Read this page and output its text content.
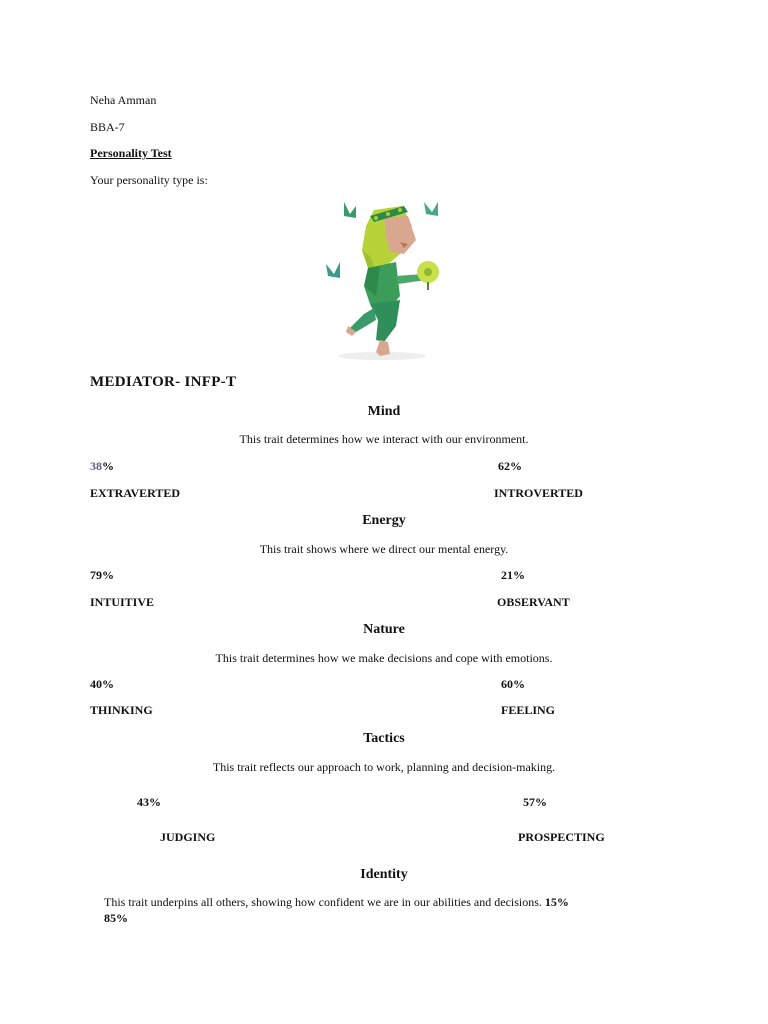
Neha Amman
BBA-7
Personality Test
Your personality type is:
MEDIATOR- INFP-T
Mind
This trait determines how we interact with our environment.
38%	62%
EXTRAVERTED	INTROVERTED
Energy
This trait shows where we direct our mental energy.
79%	21%
INTUITIVE	OBSERVANT
Nature
This trait determines how we make decisions and cope with emotions.
40%	60%
THINKING	FEELING
Tactics
This trait reflects our approach to work, planning and decision-making.
43%	57%
JUDGING	PROSPECTING
Identity
This trait underpins all others, showing how confident we are in our abilities and decisions. 15%
85%
